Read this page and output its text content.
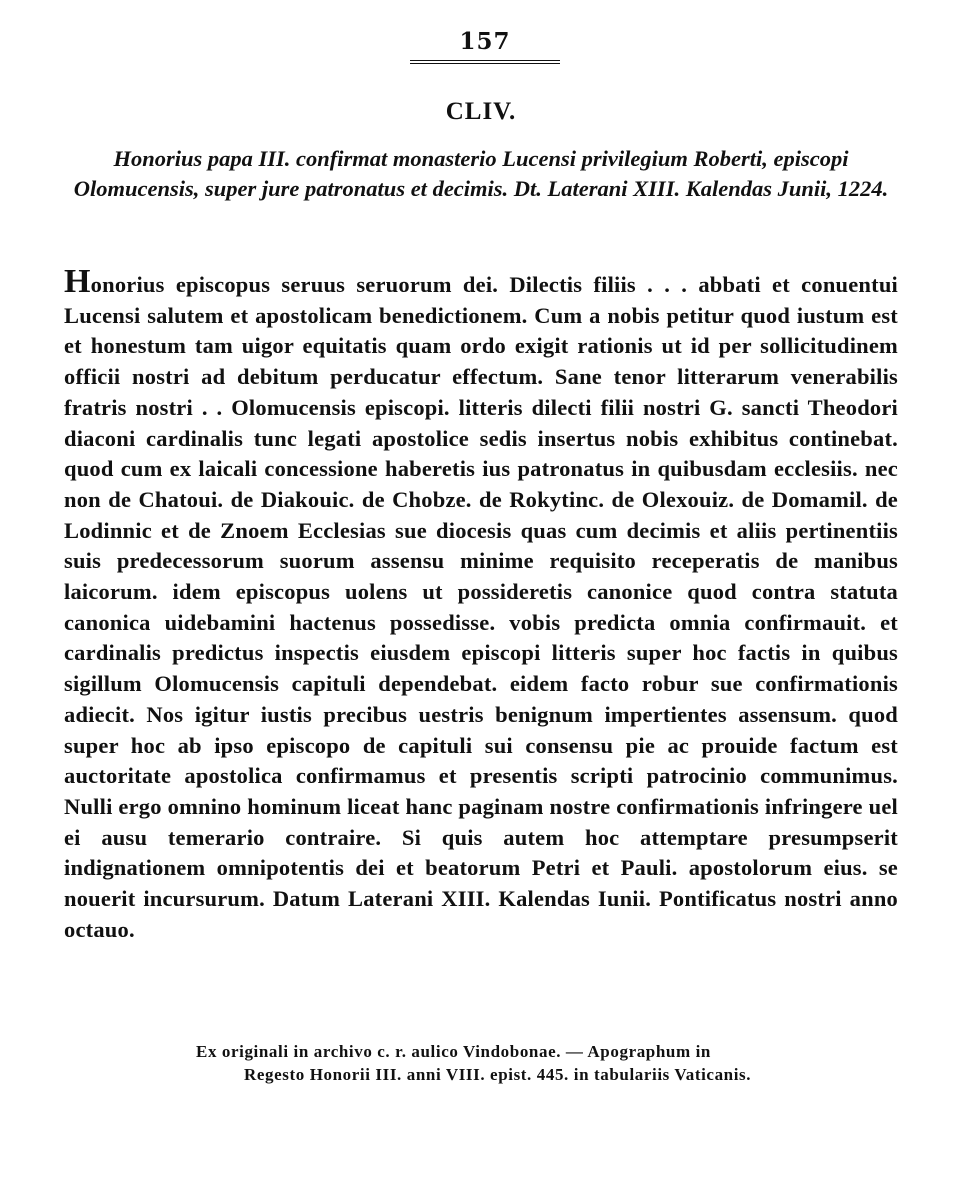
157
CLIV.
Honorius papa III. confirmat monasterio Lucensi privilegium Roberti, episcopi Olomucensis, super jure patronatus et decimis. Dt. Laterani XIII. Kalendas Junii, 1224.
Honorius episcopus seruus seruorum dei. Dilectis filiis . . . abbati et conuentui Lucensi salutem et apostolicam benedictionem. Cum a nobis petitur quod iustum est et honestum tam uigor equitatis quam ordo exigit rationis ut id per sollicitudinem officii nostri ad debitum perducatur effectum. Sane tenor litterarum venerabilis fratris nostri . . Olomucensis episcopi. litteris dilecti filii nostri G. sancti Theodori diaconi cardinalis tunc legati apostolice sedis insertus nobis exhibitus continebat. quod cum ex laicali concessione haberetis ius patronatus in quibusdam ecclesiis. nec non de Chatoui. de Diakouic. de Chobze. de Rokytinc. de Olexouiz. de Domamil. de Lodinnic et de Znoem Ecclesias sue diocesis quas cum decimis et aliis pertinentiis suis predecessorum suorum assensu minime requisito receperatis de manibus laicorum. idem episcopus uolens ut possideretis canonice quod contra statuta canonica uidebamini hactenus possedisse. vobis predicta omnia confirmauit. et cardinalis predictus inspectis eiusdem episcopi litteris super hoc factis in quibus sigillum Olomucensis capituli dependebat. eidem facto robur sue confirmationis adiecit. Nos igitur iustis precibus uestris benignum impertientes assensum. quod super hoc ab ipso episcopo de capituli sui consensu pie ac prouide factum est auctoritate apostolica confirmamus et presentis scripti patrocinio communimus. Nulli ergo omnino hominum liceat hanc paginam nostre confirmationis infringere uel ei ausu temerario contraire. Si quis autem hoc attemptare presumpserit indignationem omnipotentis dei et beatorum Petri et Pauli. apostolorum eius. se nouerit incursurum. Datum Laterani XIII. Kalendas Iunii. Pontificatus nostri anno octauo.
Ex originali in archivo c. r. aulico Vindobonae. — Apographum in
Regesto Honorii III. anni VIII. epist. 445. in tabulariis Vaticanis.
